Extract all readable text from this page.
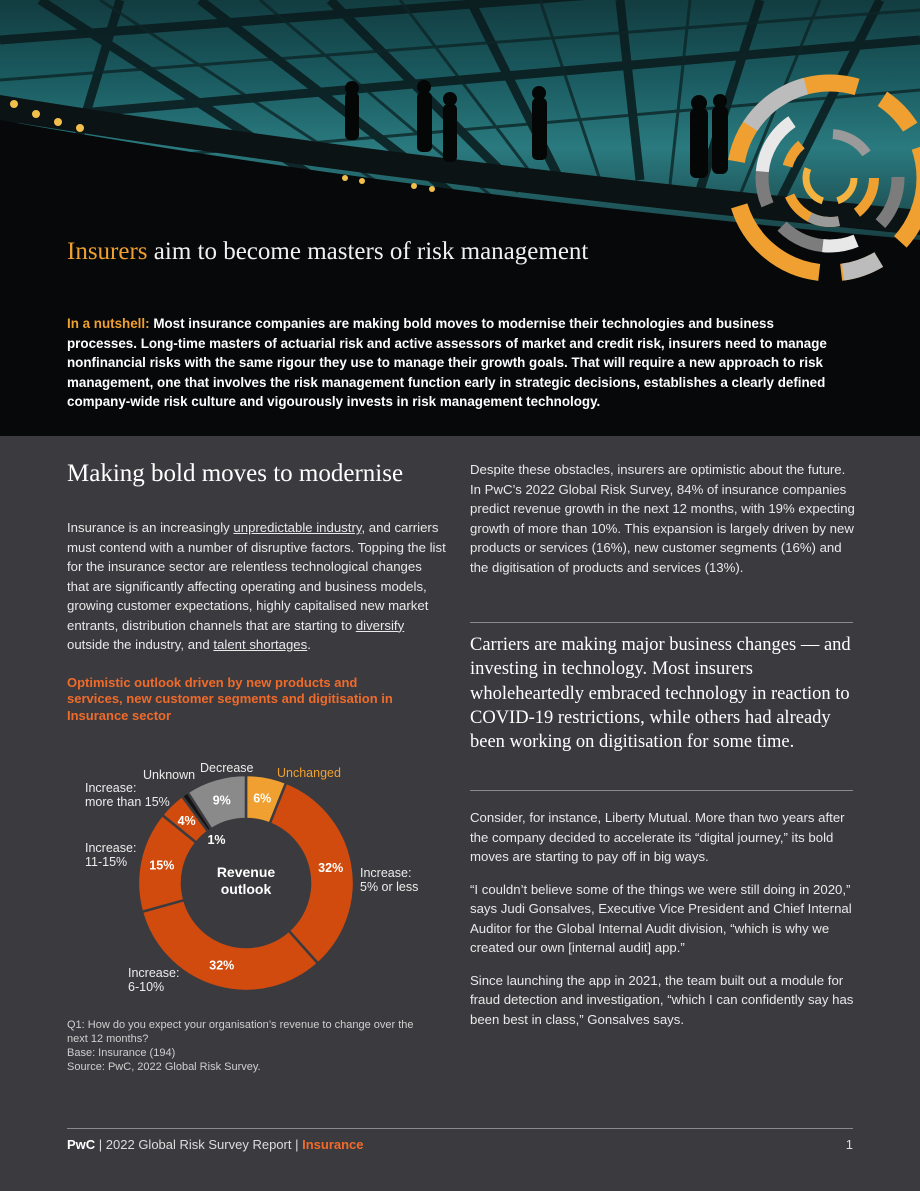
Insurers aim to become masters of risk management

In a nutshell: Most insurance companies are making bold moves to modernise their technologies and business processes. Long-time masters of actuarial risk and active assessors of market and credit risk, insurers need to manage nonfinancial risks with the same rigour they use to manage their growth goals. That will require a new approach to risk management, one that involves the risk management function early in strategic decisions, establishes a clearly defined company-wide risk culture and vigourously invests in risk management technology.

Making bold moves to modernise

Insurance is an increasingly unpredictable industry, and carriers must contend with a number of disruptive factors. Topping the list for the insurance sector are relentless technological changes that are significantly affecting operating and business models, growing customer expectations, highly capitalised new market entrants, distribution channels that are starting to diversify outside the industry, and talent shortages.

Optimistic outlook driven by new products and services, new customer segments and digitisation in Insurance sector

6%
Unchanged
32% Increase:
5% or less
32%
Increase:
6-10%
15%
Increase:
11-15%
4%
Increase:
more than 15%
1%
Unknown
9%
Decrease
Revenue
outlook

Q1: How do you expect your organisation’s revenue to change over the next 12 months?

Base: Insurance (194)

Source: PwC, 2022 Global Risk Survey.

Despite these obstacles, insurers are optimistic about the future. In PwC’s 2022 Global Risk Survey, 84% of insurance companies predict revenue growth in the next 12 months, with 19% expecting growth of more than 10%. This expansion is largely driven by new products or services (16%), new customer segments (16%) and the digitisation of products and services (13%).

Carriers are making major business changes — and investing in technology. Most insurers wholeheartedly embraced technology in reaction to COVID-19 restrictions, while others had already been working on digitisation for some time.

Consider, for instance, Liberty Mutual. More than two years after the company decided to accelerate its “digital journey,” its bold moves are starting to pay off in big ways.

“I couldn’t believe some of the things we were still doing in 2020,” says Judi Gonsalves, Executive Vice President and Chief Internal Auditor for the Global Internal Audit division, “which is why we created our own [internal audit] app.”

Since launching the app in 2021, the team built out a module for fraud detection and investigation, “which I can confidently say has been best in class,” Gonsalves says.

PwC | 2022 Global Risk Survey Report | Insurance	1
